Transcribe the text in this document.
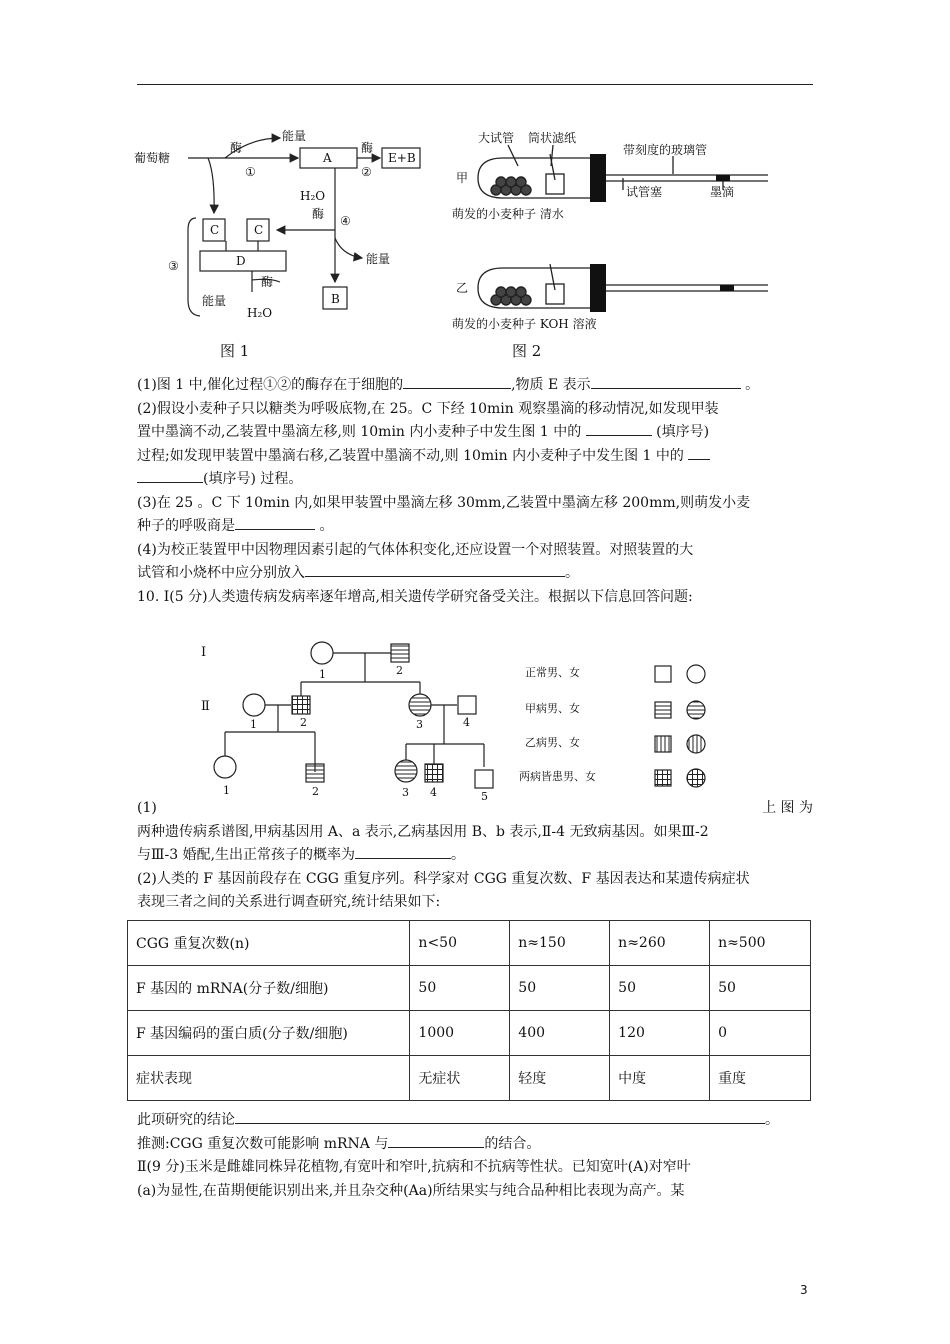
葡萄糖
酶
能量
①
A
酶
②
E+B
H₂O
酶 ④
C	C
D	能量
③
酶
能量
H₂O
B
图 1
大试管 筒状滤纸
带刻度的玻璃管
甲
试管塞	墨滴
萌发的小麦种子 清水
乙
萌发的小麦种子 KOH 溶液
图 2
(1)图 1 中,催化过程①②的酶存在于细胞的	,物质 E 表示	。
(2)假设小麦种子只以糖类为呼吸底物,在 25。C 下经 10min 观察墨滴的移动情况,如发现甲装
置中墨滴不动,乙装置中墨滴左移,则 10min 内小麦种子中发生图 1 中的	(填序号)
过程;如发现甲装置中墨滴右移,乙装置中墨滴不动,则 10min 内小麦种子中发生图 1 中的
(填序号) 过程。
(3)在 25 。C 下 10min 内,如果甲装置中墨滴左移 30mm,乙装置中墨滴左移 200mm,则萌发小麦
种子的呼吸商是	。
(4)为校正装置甲中因物理因素引起的气体体积变化,还应设置一个对照装置。对照装置的大
试管和小烧杯中应分别放入	。
10. Ⅰ(5 分)人类遗传病发病率逐年增高,相关遗传学研究备受关注。根据以下信息回答问题:
Ⅰ
Ⅱ
1	2
1	2	3	4
1	2	3 4	5
正常男、女
甲病男、女
乙病男、女
两病皆患男、女
(1)	上 图 为
两种遗传病系谱图,甲病基因用 A、a 表示,乙病基因用 B、b 表示,Ⅱ-4 无致病基因。如果Ⅲ-2
与Ⅲ-3 婚配,生出正常孩子的概率为	。
(2)人类的 F 基因前段存在 CGG 重复序列。科学家对 CGG 重复次数、F 基因表达和某遗传病症状
表现三者之间的关系进行调查研究,统计结果如下:
CGG 重复次数(n)	n<50	n≈150	n≈260	n≈500
F 基因的 mRNA(分子数/细胞)	50	50	50	50
F 基因编码的蛋白质(分子数/细胞)	1000	400	120	0
症状表现	无症状	轻度	中度	重度
此项研究的结论	。
推测:CGG 重复次数可能影响 mRNA 与	的结合。
Ⅱ(9 分)玉米是雌雄同株异花植物,有宽叶和窄叶,抗病和不抗病等性状。已知宽叶(A)对窄叶
(a)为显性,在苗期便能识别出来,并且杂交种(Aa)所结果实与纯合品种相比表现为高产。某
3
